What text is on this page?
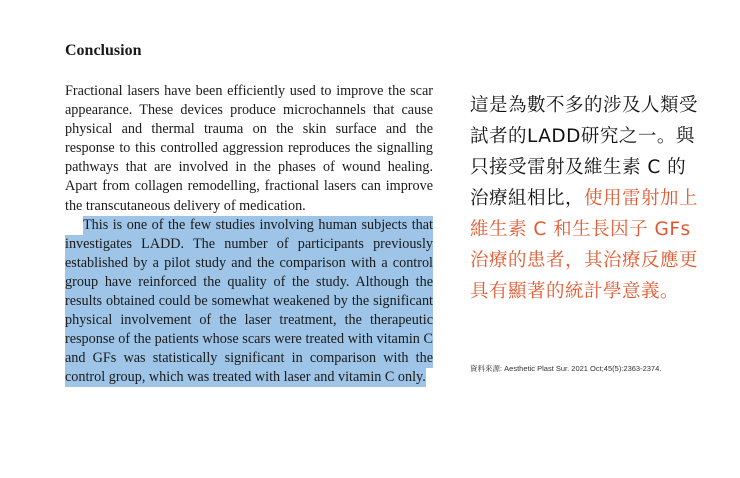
Conclusion

Fractional lasers have been efficiently used to improve the scar appearance. These devices produce microchannels that cause physical and thermal trauma on the skin surface and the response to this controlled aggression reproduces the signalling pathways that are involved in the phases of wound healing. Apart from collagen remodelling, fractional lasers can improve the transcutaneous delivery of medication.

This is one of the few studies involving human subjects that investigates LADD. The number of participants previously established by a pilot study and the comparison with a control group have reinforced the quality of the study. Although the results obtained could be somewhat weakened by the significant physical involvement of the laser treatment, the therapeutic response of the patients whose scars were treated with vitamin C and GFs was statistically significant in comparison with the control group, which was treated with laser and vitamin C only.

這是為數不多的涉及人類受試者的LADD研究之一。與只接受雷射及維生素 C 的治療組相比，使用雷射加上維生素 C 和生長因子 GFs 治療的患者，其治療反應更具有顯著的統計學意義。
資料來源: Aesthetic Plast Sur. 2021 Oct;45(5):2363-2374.
